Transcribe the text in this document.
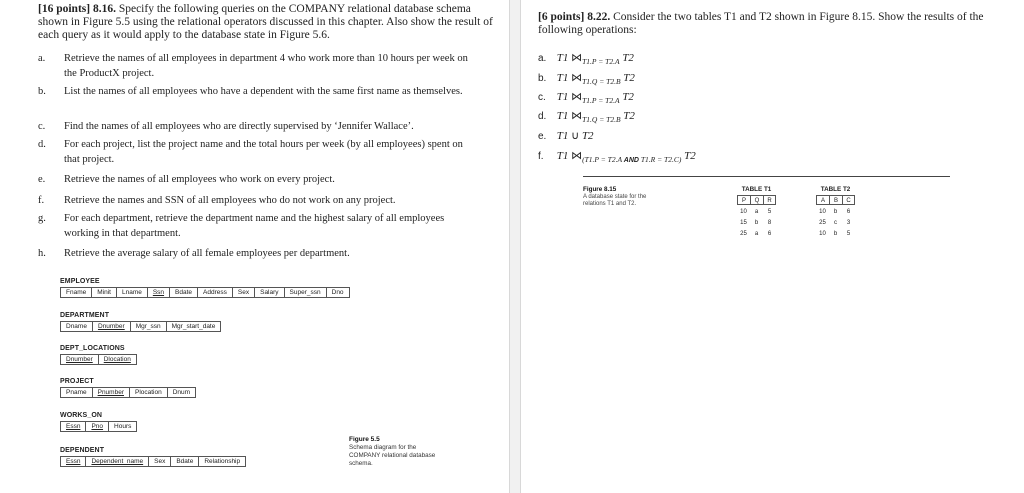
[16 points] 8.16. Specify the following queries on the COMPANY relational database schema shown in Figure 5.5 using the relational operators discussed in this chapter. Also show the result of each query as it would apply to the database state in Figure 5.6.
a.	Retrieve the names of all employees in department 4 who work more than 10 hours per week on the ProductX project.
b.	List the names of all employees who have a dependent with the same first name as themselves.
c.	Find the names of all employees who are directly supervised by ‘Jennifer Wallace’.
d.	For each project, list the project name and the total hours per week (by all employees) spent on that project.
e.	Retrieve the names of all employees who work on every project.
f.	Retrieve the names and SSN of all employees who do not work on any project.
g.	For each department, retrieve the department name and the highest salary of all employees working in that department.
h.	Retrieve the average salary of all female employees per department.
EMPLOYEE
Fname	Minit	Lname	Ssn	Bdate	Address	Sex	Salary	Super_ssn	Dno
DEPARTMENT
Dname	Dnumber	Mgr_ssn	Mgr_start_date
DEPT_LOCATIONS
Dnumber	Dlocation
PROJECT
Pname	Pnumber	Plocation	Dnum
WORKS_ON
Essn	Pno	Hours
DEPENDENT
Essn	Dependent_name	Sex	Bdate	Relationship
Figure 5.5
Schema diagram for the COMPANY relational database schema.
[6 points] 8.22. Consider the two tables T1 and T2 shown in Figure 8.15. Show the results of the following operations:
a. T1 $⋈_{T1.P = T2.A}$ T2
b. T1 $⋈_{T1.Q = T2.B}$ T2
c. T1 $⋈_{T1.P = T2.A}$ T2
d. T1 $⋈_{T1.Q = T2.B}$ T2
e. T1 ∪ T2
f. T1 $⋈_{(T1.P = T2.A AND T1.R = T2.C)}$ T2
Figure 8.15
A database state for the relations T1 and T2.
TABLE T1
P	Q	R
10	a	5
15	b	8
25	a	6
TABLE T2
A	B	C
10	b	6
25	c	3
10	b	5
